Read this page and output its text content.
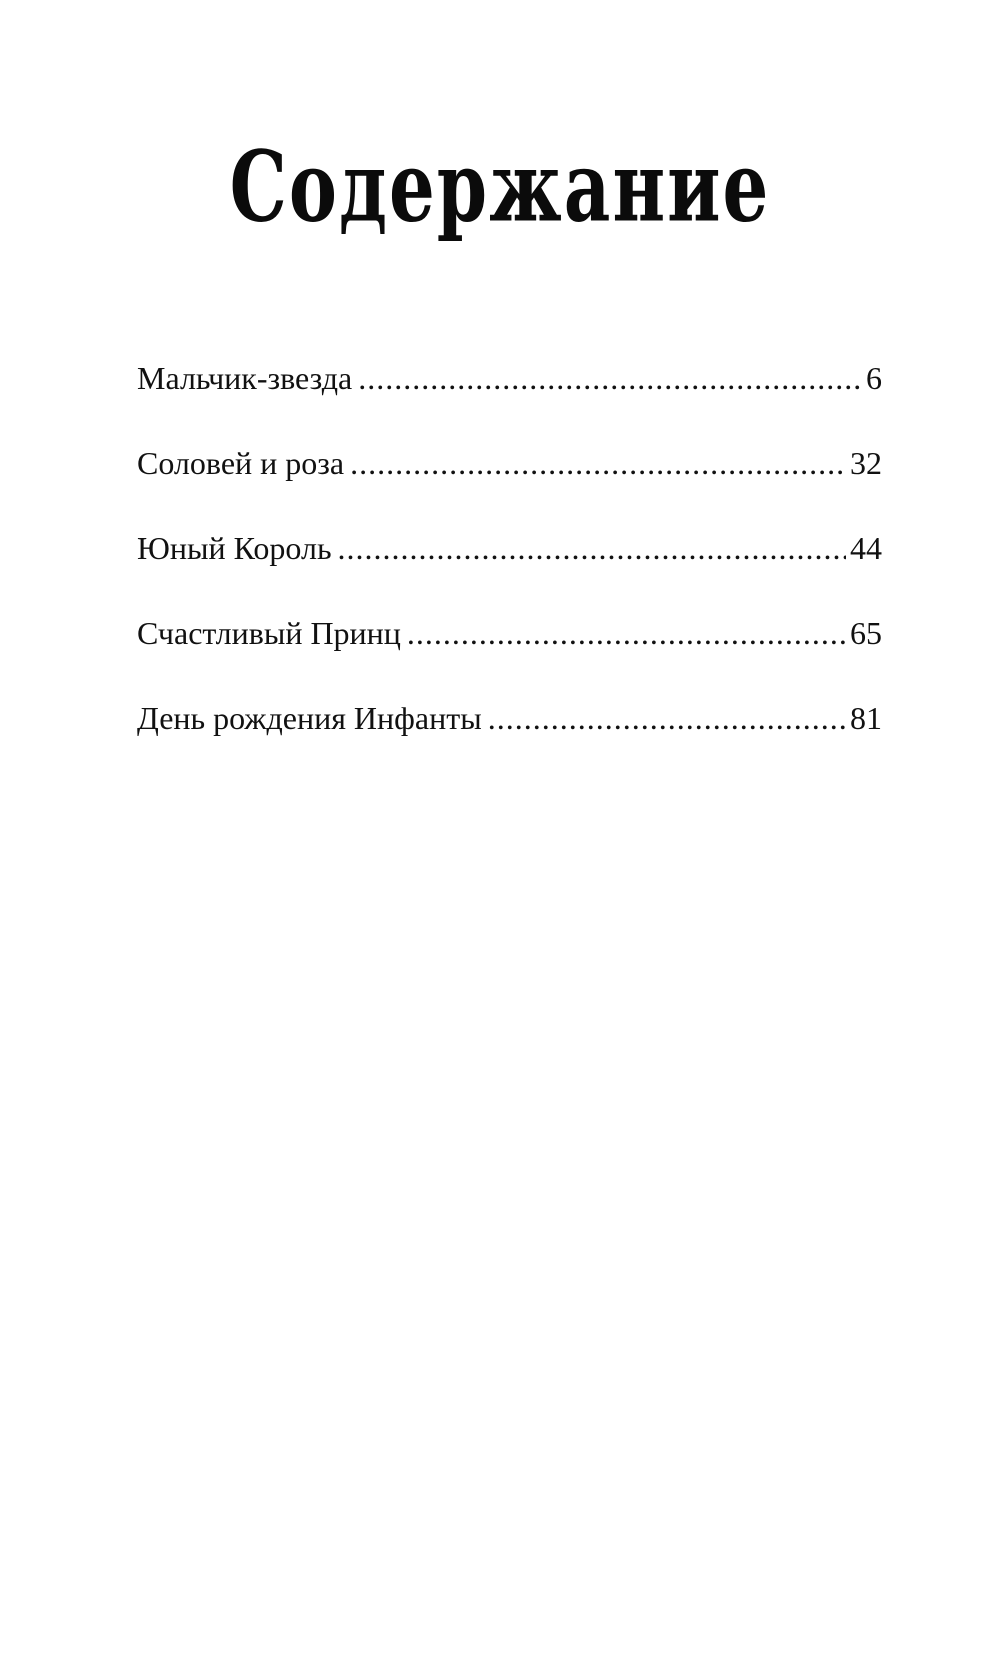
Содержание
Мальчик-звезда .....	6
Соловей и роза .....	32
Юный Король .....	44
Счастливый Принц .....	65
День рождения Инфанты .....	81
